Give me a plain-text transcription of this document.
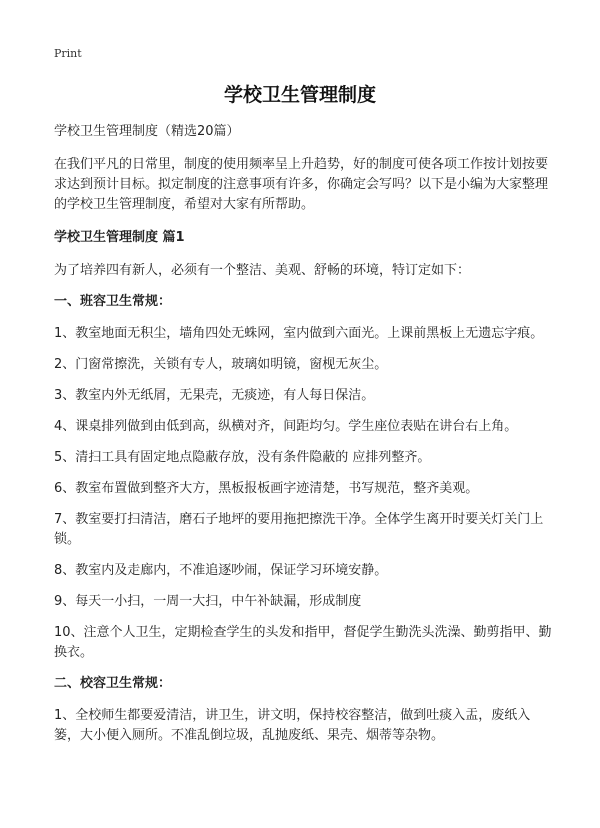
Print
学校卫生管理制度

学校卫生管理制度（精选20篇）

在我们平凡的日常里，制度的使用频率呈上升趋势，好的制度可使各项工作按计划按要求达到预计目标。拟定制度的注意事项有许多，你确定会写吗？以下是小编为大家整理的学校卫生管理制度，希望对大家有所帮助。

学校卫生管理制度 篇1

为了培养四有新人，必须有一个整洁、美观、舒畅的环境，特订定如下：

一、班容卫生常规：

1、教室地面无积尘，墙角四处无蛛网，室内做到六面光。上课前黑板上无遗忘字痕。

2、门窗常擦洗，关锁有专人，玻璃如明镜，窗枧无灰尘。

3、教室内外无纸屑，无果壳，无痰迹，有人每日保洁。

4、课桌排列做到由低到高，纵横对齐，间距均匀。学生座位表贴在讲台右上角。

5、清扫工具有固定地点隐蔽存放，没有条件隐蔽的 应排列整齐。

6、教室布置做到整齐大方，黑板报板画字迹清楚，书写规范，整齐美观。

7、教室要打扫清洁，磨石子地坪的要用拖把擦洗干净。全体学生离开时要关灯关门上锁。

8、教室内及走廊内，不准追逐吵闹，保证学习环境安静。

9、每天一小扫，一周一大扫，中午补缺漏，形成制度

10、注意个人卫生，定期检查学生的头发和指甲，督促学生勤洗头洗澡、勤剪指甲、勤换衣。

二、校容卫生常规：

1、全校师生都要爱清洁，讲卫生，讲文明，保持校容整洁，做到吐痰入盂，废纸入篓，大小便入厕所。不准乱倒垃圾，乱抛废纸、果壳、烟蒂等杂物。
